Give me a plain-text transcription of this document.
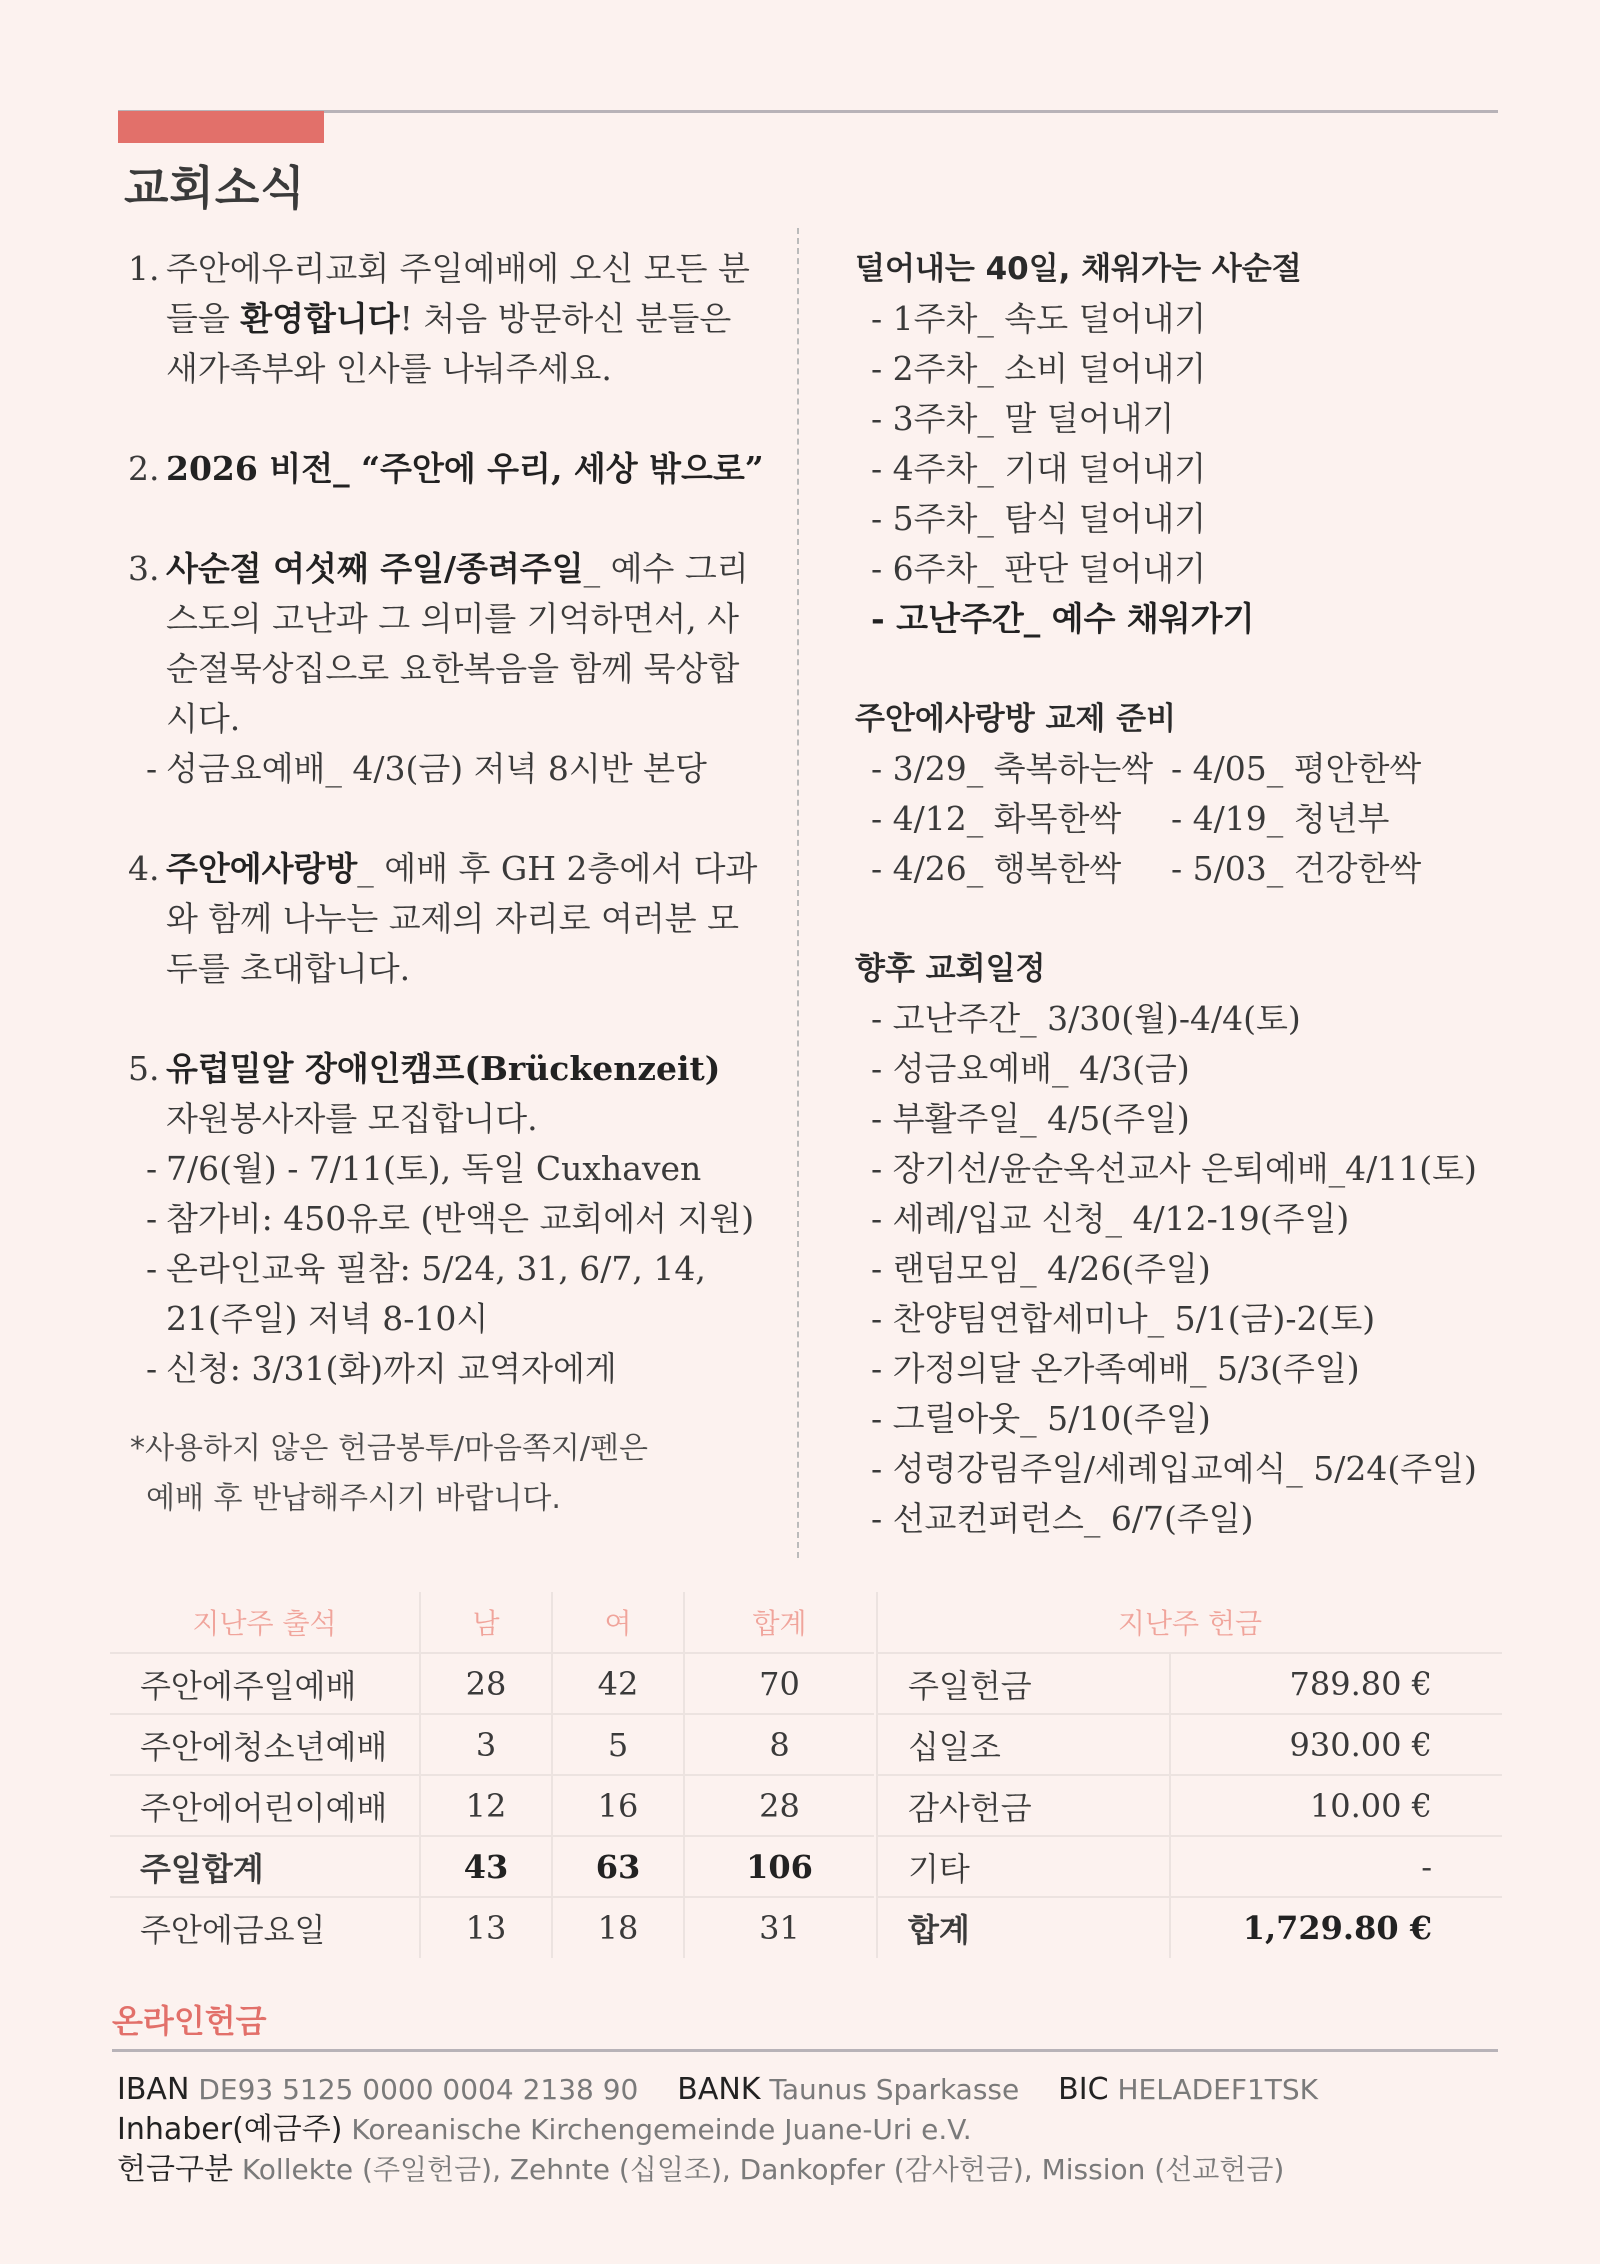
교회소식
1. 주안에우리교회 주일예배에 오신 모든 분들을 환영합니다! 처음 방문하신 분들은 새가족부와 인사를 나눠주세요.
2. 2026 비전_ “주안에 우리, 세상 밖으로”
3. 사순절 여섯째 주일/종려주일_ 예수 그리스도의 고난과 그 의미를 기억하면서, 사순절묵상집으로 요한복음을 함께 묵상합시다.
- 성금요예배_ 4/3(금) 저녁 8시반 본당
4. 주안에사랑방_ 예배 후 GH 2층에서 다과와 함께 나누는 교제의 자리로 여러분 모두를 초대합니다.
5. 유럽밀알 장애인캠프(Brückenzeit)
자원봉사자를 모집합니다.
- 7/6(월) - 7/11(토), 독일 Cuxhaven
- 참가비: 450유로 (반액은 교회에서 지원)
- 온라인교육 필참: 5/24, 31, 6/7, 14, 21(주일) 저녁 8-10시
- 신청: 3/31(화)까지 교역자에게
*사용하지 않은 헌금봉투/마음쪽지/펜은
예배 후 반납해주시기 바랍니다.
덜어내는 40일, 채워가는 사순절
- 1주차_ 속도 덜어내기
- 2주차_ 소비 덜어내기
- 3주차_ 말 덜어내기
- 4주차_ 기대 덜어내기
- 5주차_ 탐식 덜어내기
- 6주차_ 판단 덜어내기
- 고난주간_ 예수 채워가기
주안에사랑방 교제 준비
- 3/29_ 축복하는싹 - 4/05_ 평안한싹
- 4/12_ 화목한싹	- 4/19_ 청년부
- 4/26_ 행복한싹	- 5/03_ 건강한싹
향후 교회일정
- 고난주간_ 3/30(월)-4/4(토)
- 성금요예배_ 4/3(금)
- 부활주일_ 4/5(주일)
- 장기선/윤순옥선교사 은퇴예배_4/11(토)
- 세례/입교 신청_ 4/12-19(주일)
- 랜덤모임_ 4/26(주일)
- 찬양팀연합세미나_ 5/1(금)-2(토)
- 가정의달 온가족예배_ 5/3(주일)
- 그릴아웃_ 5/10(주일)
- 성령강림주일/세례입교예식_ 5/24(주일)
- 선교컨퍼런스_ 6/7(주일)
지난주 출석	남	여	합계
주안에주일예배	28	42	70
주안에청소년예배	3	5	8
주안에어린이예배	12	16	28
주일합계	43	63	106
주안에금요일	13	18	31
지난주 헌금	
주일헌금	789.80 €
십일조	930.00 €
감사헌금	10.00 €
기타	-
합계	1,729.80 €
온라인헌금
IBAN DE93 5125 0000 0004 2138 90 BANK Taunus Sparkasse BIC HELADEF1TSK
Inhaber(예금주) Koreanische Kirchengemeinde Juane-Uri e.V.
헌금구분 Kollekte (주일헌금), Zehnte (십일조), Dankopfer (감사헌금), Mission (선교헌금)
